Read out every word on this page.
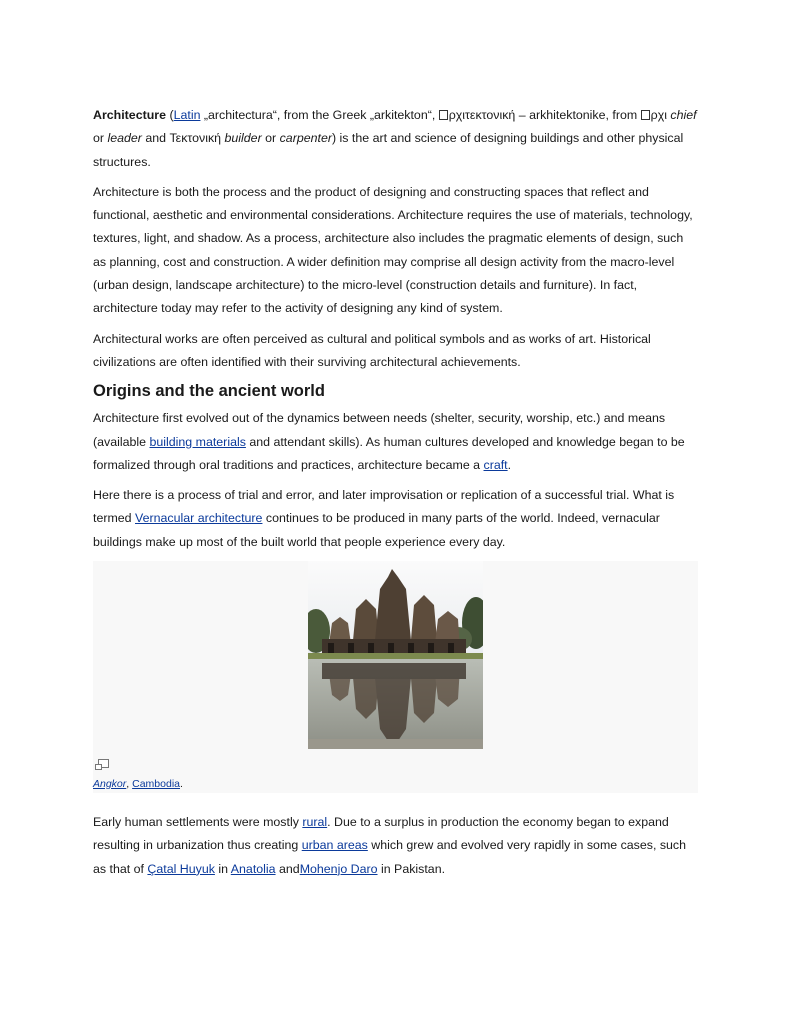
Architecture (Latin „architectura“, from the Greek „arkitekton“, ρχιτεκτονική – arkhitektonike, from ρχι chief or leader and Τεκτονική builder or carpenter) is the art and science of designing buildings and other physical structures.

Architecture is both the process and the product of designing and constructing spaces that reflect and functional, aesthetic and environmental considerations. Architecture requires the use of materials, technology, textures, light, and shadow. As a process, architecture also includes the pragmatic elements of design, such as planning, cost and construction. A wider definition may comprise all design activity from the macro-level (urban design, landscape architecture) to the micro-level (construction details and furniture). In fact, architecture today may refer to the activity of designing any kind of system.

Architectural works are often perceived as cultural and political symbols and as works of art. Historical civilizations are often identified with their surviving architectural achievements.

Origins and the ancient world

Architecture first evolved out of the dynamics between needs (shelter, security, worship, etc.) and means (available building materials and attendant skills). As human cultures developed and knowledge began to be formalized through oral traditions and practices, architecture became a craft.

Here there is a process of trial and error, and later improvisation or replication of a successful trial. What is termed Vernacular architecture continues to be produced in many parts of the world. Indeed, vernacular buildings make up most of the built world that people experience every day.

Angkor, Cambodia.

Early human settlements were mostly rural. Due to a surplus in production the economy began to expand resulting in urbanization thus creating urban areas which grew and evolved very rapidly in some cases, such as that of Çatal Huyuk in Anatolia andMohenjo Daro in Pakistan.
